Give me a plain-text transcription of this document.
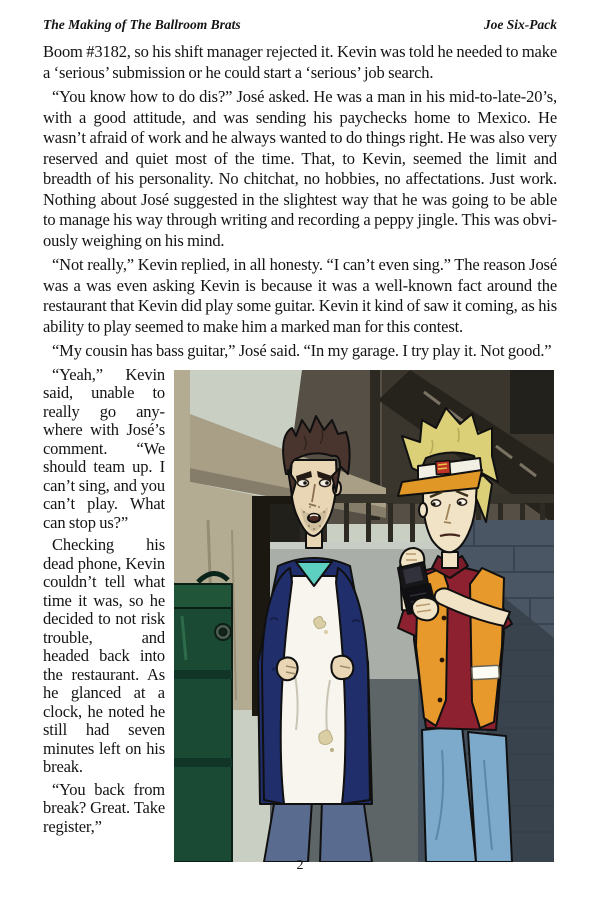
The Making of The Ballroom Brats	Joe Six-Pack

Boom #3182, so his shift manager rejected it. Kevin was told he needed to make a ‘serious’ submission or he could start a ‘serious’ job search.

“You know how to do dis?” José asked. He was a man in his mid-to-late-20’s, with a good attitude, and was sending his paychecks home to Mexico. He wasn’t afraid of work and he always wanted to do things right. He was also very reserved and quiet most of the time. That, to Kevin, seemed the limit and breadth of his personality. No chitchat, no hobbies, no affectations. Just work. Nothing about José suggested in the slightest way that he was going to be able to manage his way through writing and recording a peppy jingle. This was obviously weighing on his mind.

“Not really,” Kevin replied, in all honesty. “I can’t even sing.” The reason José was a was even asking Kevin is because it was a well-known fact around the restaurant that Kevin did play some guitar. Kevin it kind of saw it coming, as his ability to play seemed to make him a marked man for this contest.

“My cousin has bass guitar,” José said. “In my garage. I try play it. Not good.”

“Yeah,” Kevin said, unable to really go anywhere with José’s comment. “We should team up. I can’t sing, and you can’t play. What can stop us?”

Checking his dead phone, Kevin couldn’t tell what time it was, so he decided to not risk trouble, and headed back into the restaurant. As he glanced at a clock, he noted he still had seven minutes left on his break.

“You back from break? Great. Take register,”

2
